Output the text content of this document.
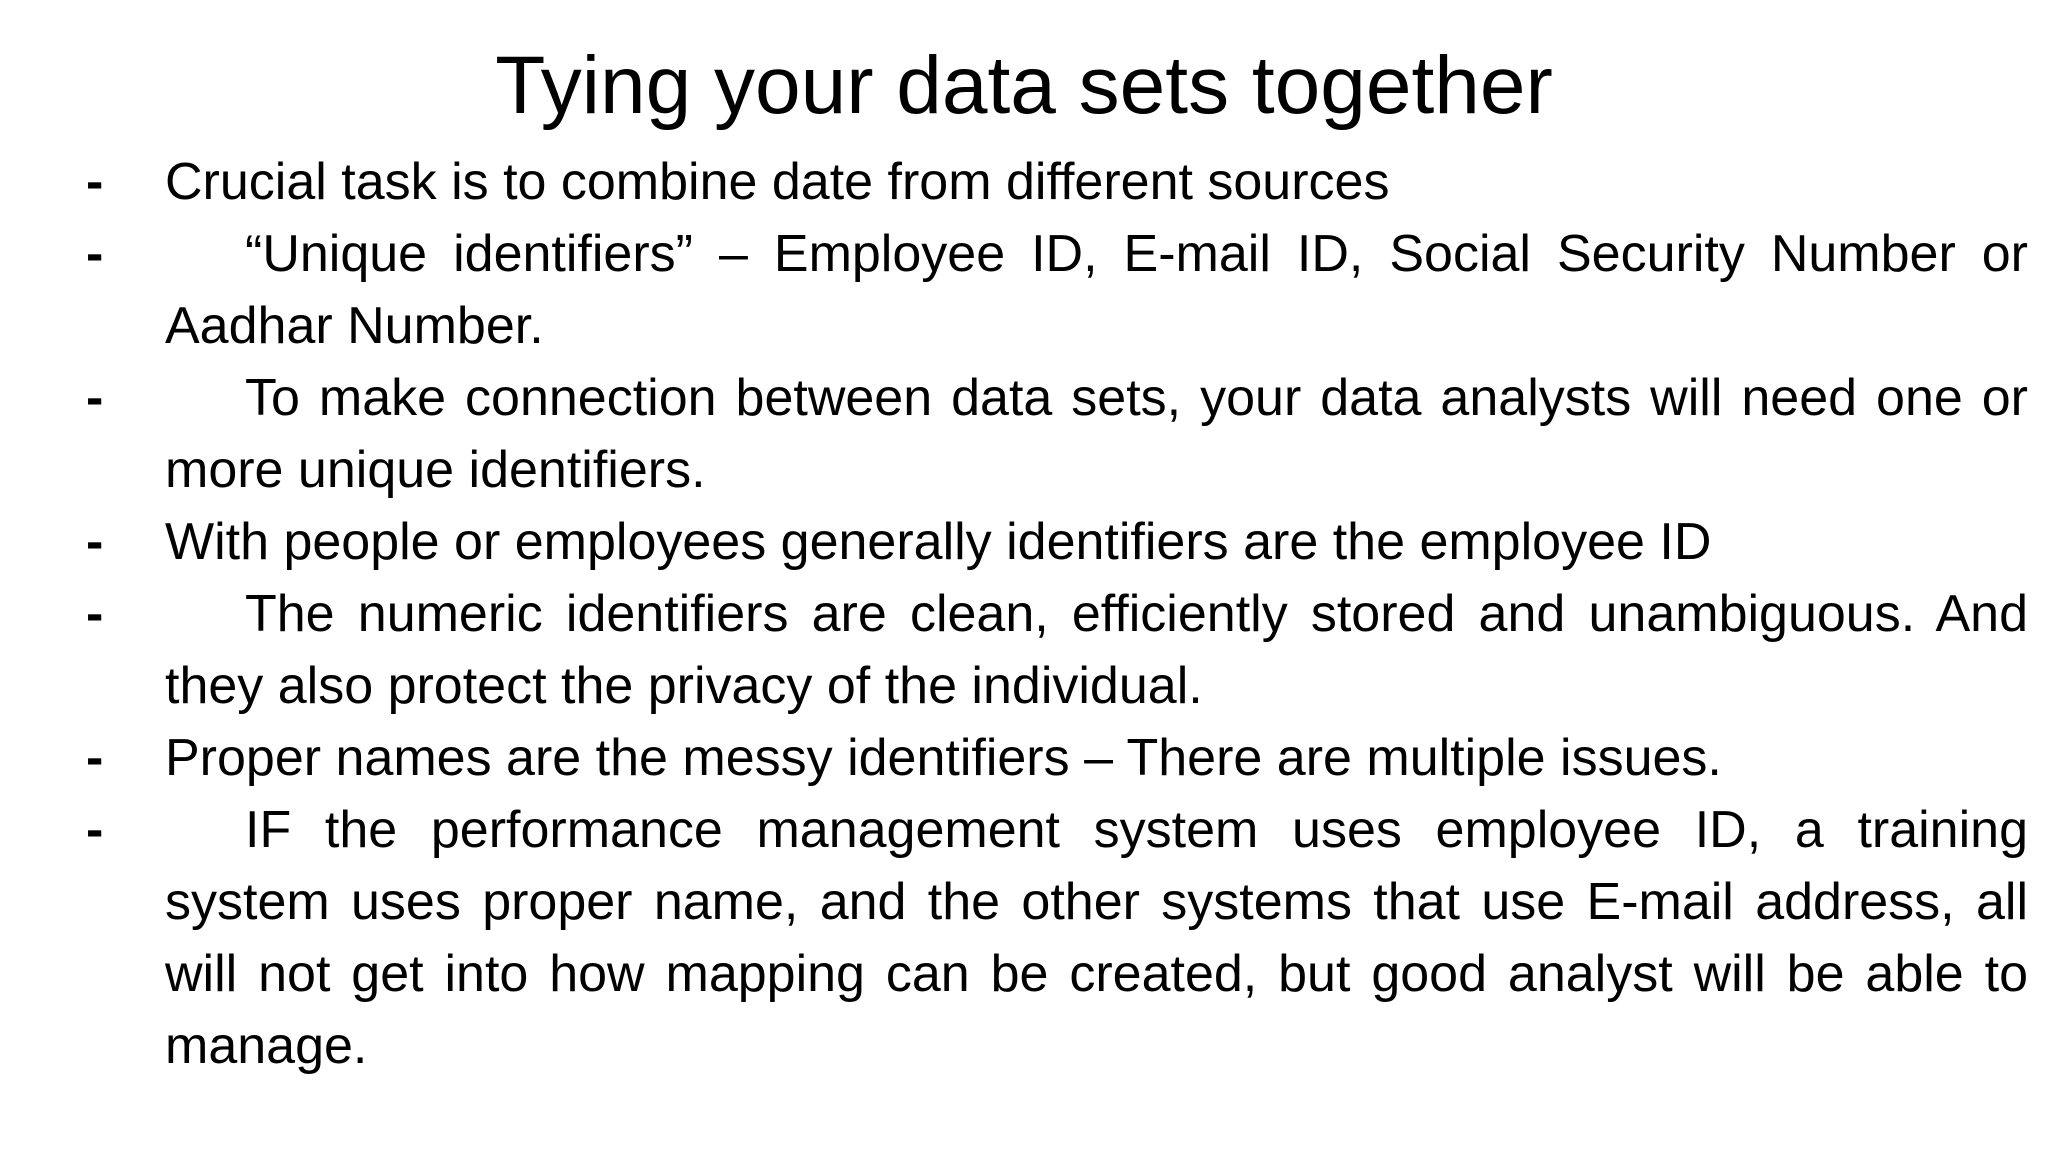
Tying your data sets together
-	Crucial task is to combine date from different sources
-	“Unique identifiers” – Employee ID, E-mail ID, Social Security Number or Aadhar Number.
-	To make connection between data sets, your data analysts will need one or more unique identifiers.
-	With people or employees generally identifiers are the employee ID
-	The numeric identifiers are clean, efficiently stored and unambiguous. And they also protect the privacy of the individual.
-	Proper names are the messy identifiers – There are multiple issues.
-	IF the performance management system uses employee ID, a training system uses proper name, and the other systems that use E-mail address, all will not get into how mapping can be created, but good analyst will be able to manage.
